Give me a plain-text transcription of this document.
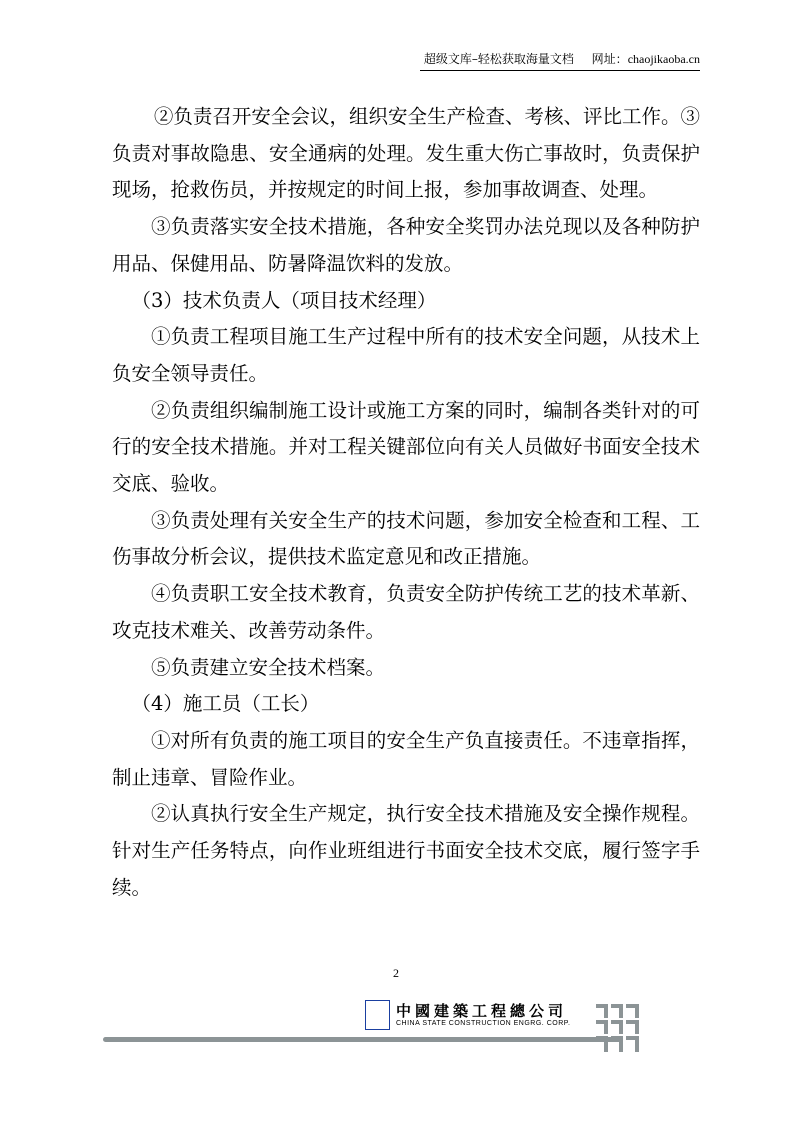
超级文库–轻松获取海量文档 网址：chaojikaoba.cn

②负责召开安全会议，组织安全生产检查、考核、评比工作。③负责对事故隐患、安全通病的处理。发生重大伤亡事故时，负责保护现场，抢救伤员，并按规定的时间上报，参加事故调查、处理。

③负责落实安全技术措施，各种安全奖罚办法兑现以及各种防护用品、保健用品、防暑降温饮料的发放。

（3）技术负责人（项目技术经理）

①负责工程项目施工生产过程中所有的技术安全问题，从技术上负安全领导责任。

②负责组织编制施工设计或施工方案的同时，编制各类针对的可行的安全技术措施。并对工程关键部位向有关人员做好书面安全技术交底、验收。

③负责处理有关安全生产的技术问题，参加安全检查和工程、工伤事故分析会议，提供技术监定意见和改正措施。

④负责职工安全技术教育，负责安全防护传统工艺的技术革新、攻克技术难关、改善劳动条件。

⑤负责建立安全技术档案。

（4）施工员（工长）

①对所有负责的施工项目的安全生产负直接责任。不违章指挥，制止违章、冒险作业。

②认真执行安全生产规定，执行安全技术措施及安全操作规程。针对生产任务特点，向作业班组进行书面安全技术交底，履行签字手续。

2
中國建築工程總公司
CHINA STATE CONSTRUCTION ENGRG. CORP.
